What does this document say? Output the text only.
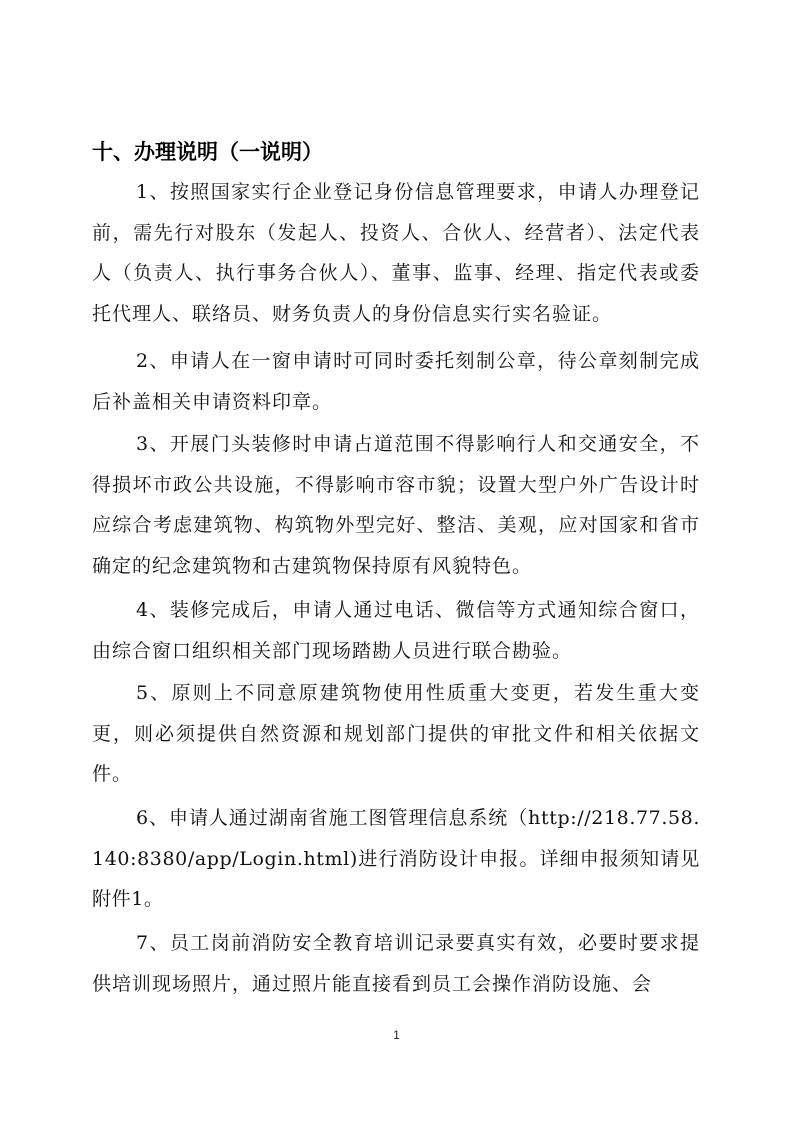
十、办理说明（一说明）

1、按照国家实行企业登记身份信息管理要求，申请人办理登记前，需先行对股东（发起人、投资人、合伙人、经营者）、法定代表人（负责人、执行事务合伙人）、董事、监事、经理、指定代表或委托代理人、联络员、财务负责人的身份信息实行实名验证。

2、申请人在一窗申请时可同时委托刻制公章，待公章刻制完成后补盖相关申请资料印章。

3、开展门头装修时申请占道范围不得影响行人和交通安全，不得损坏市政公共设施，不得影响市容市貌；设置大型户外广告设计时应综合考虑建筑物、构筑物外型完好、整洁、美观，应对国家和省市确定的纪念建筑物和古建筑物保持原有风貌特色。

4、装修完成后，申请人通过电话、微信等方式通知综合窗口，由综合窗口组织相关部门现场踏勘人员进行联合勘验。

5、原则上不同意原建筑物使用性质重大变更，若发生重大变更，则必须提供自然资源和规划部门提供的审批文件和相关依据文件。

6、申请人通过湖南省施工图管理信息系统（http://218.77.58.140:8380/app/Login.html)进行消防设计申报。详细申报须知请见附件1。

7、员工岗前消防安全教育培训记录要真实有效，必要时要求提供培训现场照片，通过照片能直接看到员工会操作消防设施、会

1
